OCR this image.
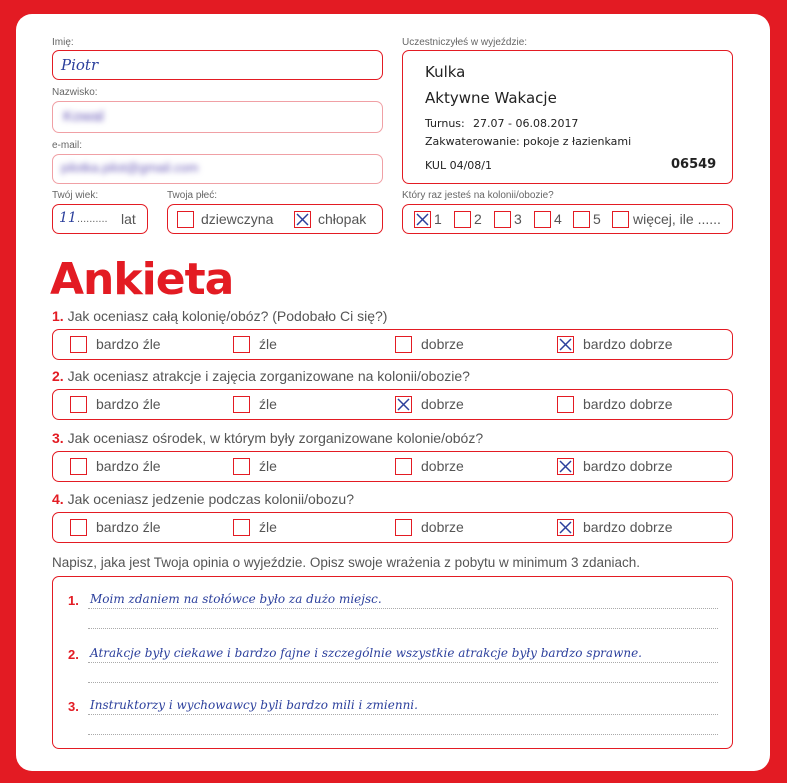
Imię:
Piotr
Nazwisko:
Kowal
e-mail:
pilotka.pilot@gmail.com
Twój wiek:
11 .......... lat
Twoja płeć:
dziewczyna	chłopak
Uczestniczyłeś w wyjeździe:
Kulka
Aktywne Wakacje
Turnus: 27.07 - 06.08.2017
Zakwaterowanie: pokoje z łazienkami
KUL 04/08/1	06549
Który raz jesteś na kolonii/obozie?
1 2 3 4 5 więcej, ile ......
Ankieta
1. Jak oceniasz całą kolonię/obóz? (Podobało Ci się?)
bardzo źle	źle	dobrze	bardzo dobrze
2. Jak oceniasz atrakcje i zajęcia zorganizowane na kolonii/obozie?
bardzo źle	źle	dobrze	bardzo dobrze
3. Jak oceniasz ośrodek, w którym były zorganizowane kolonie/obóz?
bardzo źle	źle	dobrze	bardzo dobrze
4. Jak oceniasz jedzenie podczas kolonii/obozu?
bardzo źle	źle	dobrze	bardzo dobrze
Napisz, jaka jest Twoja opinia o wyjeździe. Opisz swoje wrażenia z pobytu w minimum 3 zdaniach.
1. Moim zdaniem na stołówce było za dużo miejsc.
2. Atrakcje były ciekawe i bardzo fajne i szczególnie wszystkie atrakcje były bardzo sprawne.
3. Instruktorzy i wychowawcy byli bardzo mili i zmienni.
